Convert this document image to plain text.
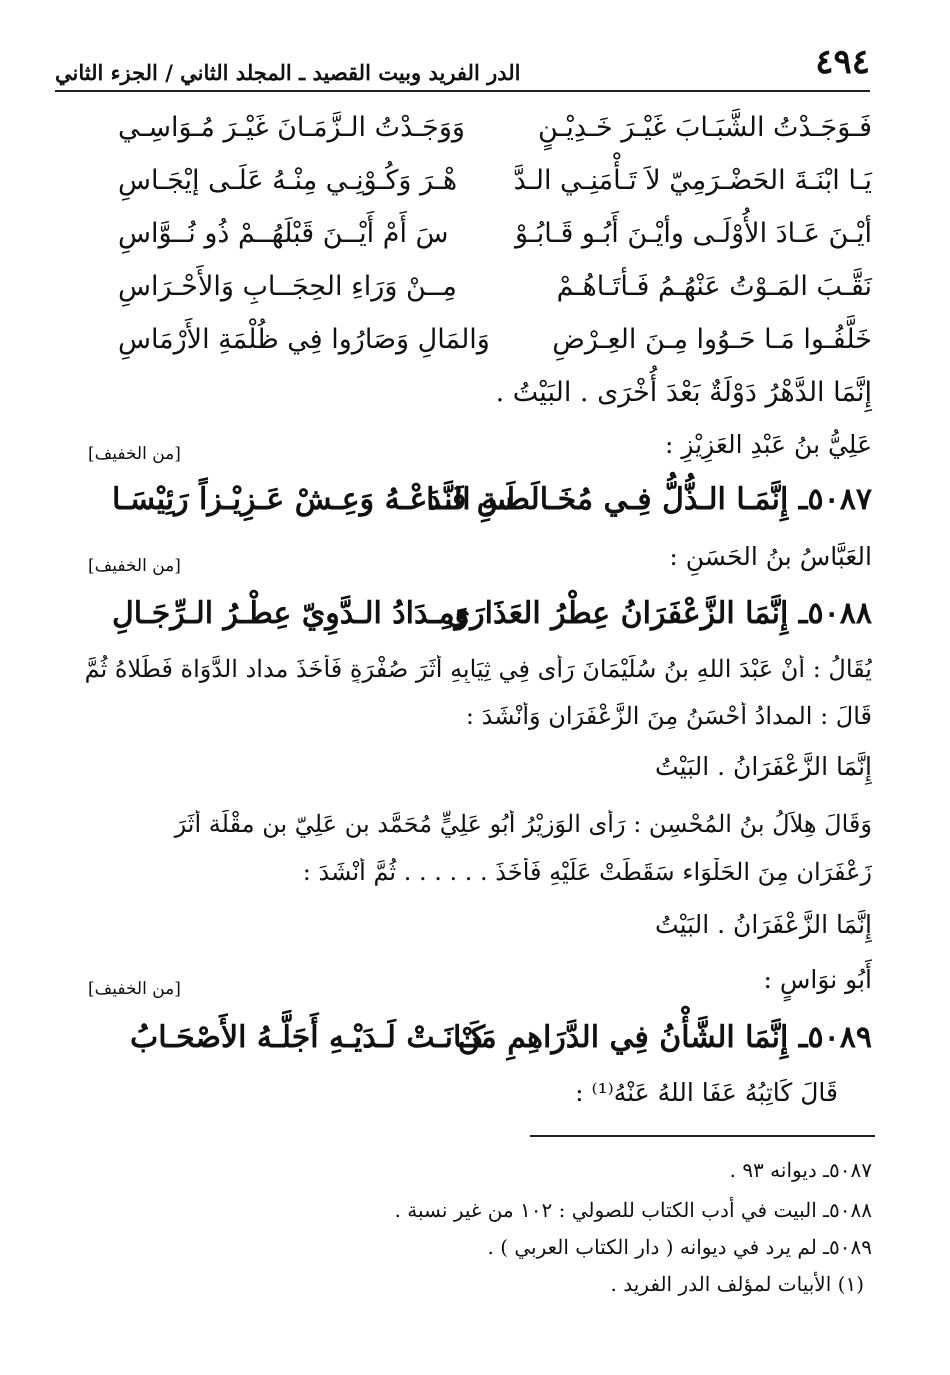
٤٩٤
الدر الفريد وبيت القصيد ـ المجلد الثاني / الجزء الثاني
فَـوَجَـدْتُ الشَّبَـابَ غَيْـرَ خَـدِيْـنٍ
وَوَجَـدْتُ الـزَّمَـانَ غَيْـرَ مُـوَاسِـي
يَـا ابْنَـةَ الحَضْـرَمِيّ لاَ تَـأْمَنِـي الـدَّ
هْـرَ وَكُـوْنِـي مِنْـهُ عَلَـى إيْجَـاسِ
أيْـنَ عَـادَ الأُوْلَـى وأيْـنَ أَبُـو قَـابُـوْ
سَ أَمْ أَيْــنَ قَبْلَهُــمْ ذُو نُــوَّاسِ
نَقَّـبَ المَـوْتُ عَنْهُـمُ فَـأتَـاهُـمْ
مِــنْ وَرَاءِ الحِجَــابِ وَالأَحْـرَاسِ
خَلَّفُـوا مَـا حَـوُوا مِـنَ العِـرْضِ
وَالمَالِ وَصَارُوا فِي ظُلْمَةِ الأَرْمَاسِ
إِنَّمَا الدَّهْرُ دَوْلَةٌ بَعْدَ أُخْرَى . البَيْتُ .
عَلِيُّ بنُ عَبْدِ العَزِيْزِ :
[من الخفيف]
٥٠٨٧ـ إِنَّمَـا الـذُّلُّ فِـي مُخَـالَطَـةِ النَّـا
سِ فَـدَعْـهُ وَعِـشْ عَـزِيْـزاً رَئِيْسَـا
العَبَّاسُ بنُ الحَسَنِ :
[من الخفيف]
٥٠٨٨ـ إِنَّمَا الزَّعْفَرَانُ عِطْرُ العَذَارَى
وَمِـدَادُ الـدَّوِيّ عِطْـرُ الـرِّجَـالِ
يُقَالُ : أَنْ عَبْدَ اللهِ بنُ سُلَيْمَانَ رَأَى فِي ثِيَابِهِ أَثَرَ صُفْرَةٍ فَأَخَذَ مداد الدَّوَاة فَطَلاهُ ثُمَّ
قَالَ : المدادُ أَحْسَنُ مِنَ الزَّعْفَرَانِ وَأَنْشَدَ :
إِنَّمَا الزَّعْفَرَانُ . البَيْتُ
وَقَالَ هِلاَلُ بنُ المُحْسِنِ : رَأَى الوَزِيْرُ أَبُو عَلِيٍّ مُحَمَّد بن عَلِيّ بن مقْلَة أَثَرَ
زَعْفَرَانٍ مِنَ الحَلْوَاء سَقَطَتْ عَلَيْهِ فَأَخَذَ . . . . . . ثُمَّ أَنْشَدَ :
إِنَّمَا الزَّعْفَرَانُ . البَيْتُ
أَبُو نوَاسٍ :
[من الخفيف]
٥٠٨٩ـ إِنَّمَا الشَّأْنُ فِي الدَّرَاهِمِ مَنْ
كَـانَـتْ لَـدَيْـهِ أَجَلَّـهُ الأَصْحَـابُ
قَالَ كَاتِبُهُ عَفَا اللهُ عَنْهُ⁽¹⁾ :
٥٠٨٧ـ ديوانه ٩٣ .
٥٠٨٨ـ البيت في أدب الكتاب للصولي : ١٠٢ من غير نسبة .
٥٠٨٩ـ لم يرد في ديوانه ( دار الكتاب العربي ) .
(١) الأبيات لمؤلف الدر الفريد .
